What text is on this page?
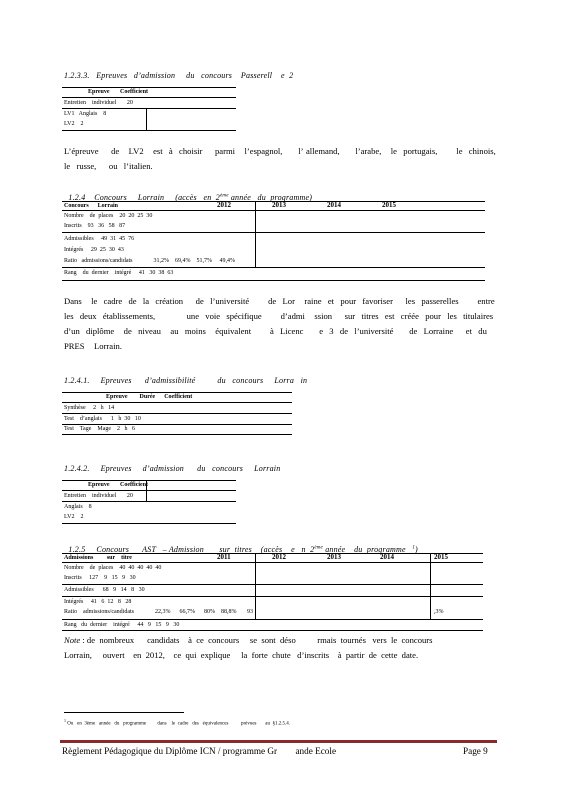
1.2.3.3.   Epreuves   d’admission     du   concours    Passerell    e  2
Epreuve       Coefficient
Entretien    individuel       20
LV1   Anglais    8
LV2    2
L’épreuve    de   LV2   est  à  choisir    parmi   l’espagnol,     l’ allemand,     l’arabe,   le  portugais,      le  chinois,
le  russe,    ou  l’italien.

1.2.4    Concours     Lorrain     (accès   en  2ème année   du  programme)

Concours      Lorrain	2012	2013	2014	2015
Nombre    de  places    20  20  25  30
Inscrits    93   36   58   87
Admissibles     49  31  45  76
Intégrés     29  25  30  43
Ratio   admissions/candidats              31,2%    69,4%    51,7%     49,4%
Rang    du  dernier    intégré     41   30  38  63
Dans   le  cadre  de  la  création    de  l’université      de  Lor   raine  et  pour  favoriser    les  passerelles      entre
les  deux  établissements,          une  voie  spécifique      d’admi   ssion    sur  titres  est  créée  pour  les  titulaires
d’un  diplôme   de  niveau   au  moins   équivalent      à  Licenc     e  3  de  l’université     de  Lorraine    et  du
PRES   Lorrain.
1.2.4.1.     Epreuves      d’admissibilité          du   concours     Lorra   in
Epreuve        Durée      Coefficient
Synthèse     2   h   14
Test    d’anglais      1   h  30   10
Test    Tage    Mage    2   h   6
1.2.4.2.     Epreuves     d’admission      du   concours     Lorrain
Epreuve       Coefficient
Entretien    individuel       20
Anglais    8
LV2    2

1.2.5     Concours      AST   – Admission       sur  titres    (accès    e   n  2ème année    du  programme $^1$)

Admissions         sur    titre	2011	2012	2013	2014	2015
Nombre    de  places    40  40  40  40  40
Inscrits     127    9   15   9   30
Admissibles      68   9   14   8   30
Intégrés     41   6  12   8   28
Ratio    admissions/candidats              22,3%      66,7%      80%    88,8%       93	,3%
Rang   du  dernier    intégré     44   9   15   9   30
Note : de  nombreux      candidats    à  ce  concours     se  sont  déso          rmais  tournés   vers  le  concours
Lorrain,     ouvert    en  2012,    ce  qui  explique     la  forte  chute   d’inscrits    à  partir  de  cette  date.
$^1$ Ou   en  3ème   année   du   programme         dans    le  cadre   des   équivalences          prévues       au  §1.2.5.4.
Règlement Pédagogique du Diplôme ICN / programme Gr        ande Ecole	Page 9
